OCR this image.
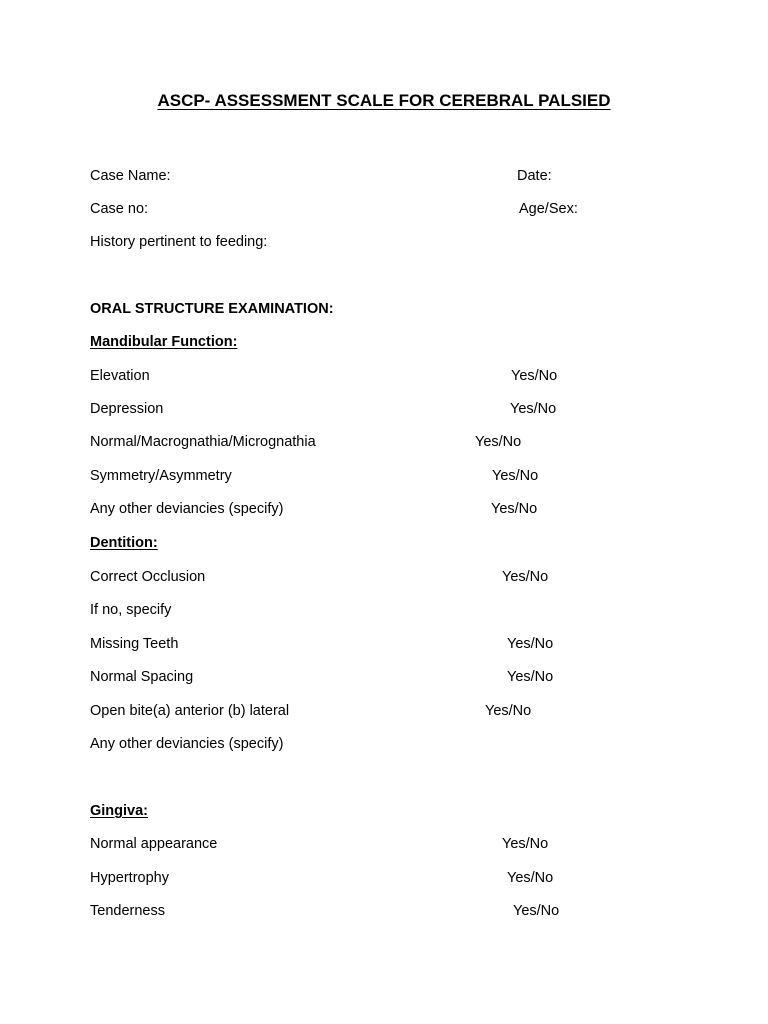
ASCP- ASSESSMENT SCALE FOR CEREBRAL PALSIED
Case Name:	Date:
Case no:	Age/Sex:
History pertinent to feeding:
ORAL STRUCTURE EXAMINATION:
Mandibular Function:
Elevation	Yes/No
Depression	Yes/No
Normal/Macrognathia/Micrognathia	Yes/No
Symmetry/Asymmetry	Yes/No
Any other deviancies (specify)	Yes/No
Dentition:
Correct Occlusion	Yes/No
If no, specify
Missing Teeth	Yes/No
Normal Spacing	Yes/No
Open bite(a) anterior (b) lateral	Yes/No
Any other deviancies (specify)
Gingiva:
Normal appearance	Yes/No
Hypertrophy	Yes/No
Tenderness	Yes/No
